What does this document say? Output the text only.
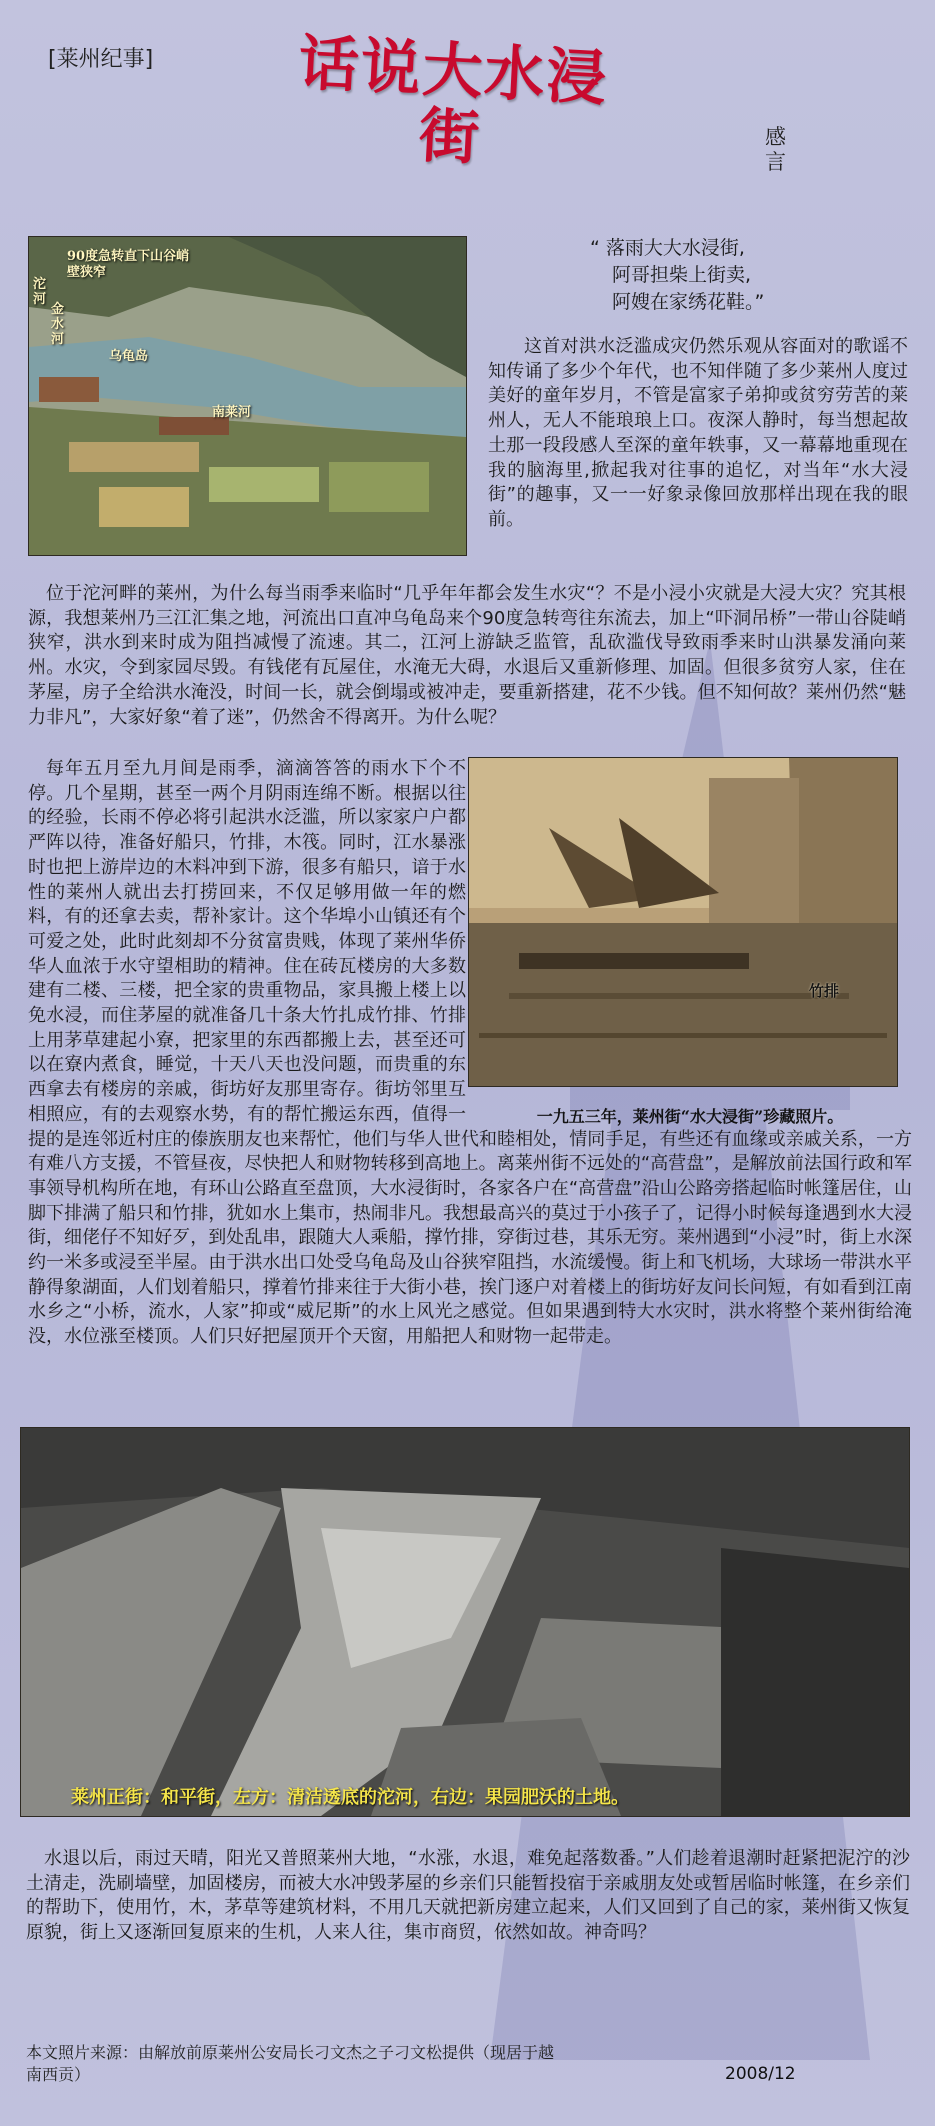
[莱州纪事] 话说大水浸街	感言
90度急转直下山谷峭壁狭窄
沱河
金水河
乌龟岛
南莱河
“ 落雨大大水浸街,
阿哥担柴上街卖,
阿嫂在家绣花鞋。”

这首对洪水泛滥成灾仍然乐观从容面对的歌谣不知传诵了多少个年代，也不知伴随了多少莱州人度过美好的童年岁月，不管是富家子弟抑或贫穷劳苦的莱州人，无人不能琅琅上口。夜深人静时，每当想起故土那一段段感人至深的童年轶事，又一幕幕地重现在我的脑海里,掀起我对往事的追忆，对当年“水大浸街”的趣事，又一一好象录像回放那样出现在我的眼前。

位于沱河畔的莱州，为什么每当雨季来临时“几乎年年都会发生水灾“？不是小浸小灾就是大浸大灾？究其根源，我想莱州乃三江汇集之地，河流出口直冲乌龟岛来个90度急转弯往东流去，加上“吓洞吊桥”一带山谷陡峭狭窄，洪水到来时成为阻挡减慢了流速。其二，江河上游缺乏监管，乱砍滥伐导致雨季来时山洪暴发涌向莱州。水灾，令到家园尽毁。有钱佬有瓦屋住，水淹无大碍，水退后又重新修理、加固。但很多贫穷人家，住在茅屋，房子全给洪水淹没，时间一长，就会倒塌或被冲走，要重新搭建，花不少钱。但不知何故？莱州仍然“魅力非凡”，大家好象“着了迷”，仍然舍不得离开。为什么呢？

竹排
一九五三年，莱州街“水大浸街”珍藏照片。

每年五月至九月间是雨季，滴滴答答的雨水下个不停。几个星期，甚至一两个月阴雨连绵不断。根据以往的经验，长雨不停必将引起洪水泛滥，所以家家户户都严阵以待，准备好船只，竹排，木筏。同时，江水暴涨时也把上游岸边的木料冲到下游，很多有船只，谙于水性的莱州人就出去打捞回来，不仅足够用做一年的燃料，有的还拿去卖，帮补家计。这个华埠小山镇还有个可爱之处，此时此刻却不分贫富贵贱，体现了莱州华侨华人血浓于水守望相助的精神。住在砖瓦楼房的大多数建有二楼、三楼，把全家的贵重物品，家具搬上楼上以免水浸，而住茅屋的就准备几十条大竹扎成竹排、竹排上用茅草建起小寮，把家里的东西都搬上去，甚至还可以在寮内煮食，睡觉，十天八天也没问题，而贵重的东西拿去有楼房的亲戚，街坊好友那里寄存。街坊邻里互相照应，有的去观察水势，有的帮忙搬运东西，值得一提的是连邻近村庄的傣族朋友也来帮忙，他们与华人世代和睦相处，情同手足，有些还有血缘或亲戚关系，一方有难八方支援，不管昼夜，尽快把人和财物转移到高地上。离莱州街不远处的“高营盘”，是解放前法国行政和军事领导机构所在地，有环山公路直至盘顶，大水浸街时，各家各户在“高营盘”沿山公路旁搭起临时帐篷居住，山脚下排满了船只和竹排，犹如水上集市，热闹非凡。我想最高兴的莫过于小孩子了，记得小时候每逢遇到水大浸街，细佬仔不知好歹，到处乱串，跟随大人乘船，撑竹排，穿街过巷，其乐无穷。莱州遇到“小浸”时，街上水深约一米多或浸至半屋。由于洪水出口处受乌龟岛及山谷狭窄阻挡，水流缓慢。街上和飞机场，大球场一带洪水平静得象湖面，人们划着船只，撑着竹排来往于大街小巷，挨门逐户对着楼上的街坊好友问长问短，有如看到江南水乡之“小桥，流水，人家”抑或“威尼斯”的水上风光之感觉。但如果遇到特大水灾时，洪水将整个莱州街给淹没，水位涨至楼顶。人们只好把屋顶开个天窗，用船把人和财物一起带走。

莱州正街：和平街，左方：清洁透底的沱河，右边：果园肥沃的土地。

水退以后，雨过天晴，阳光又普照莱州大地，“水涨，水退，难免起落数番。”人们趁着退潮时赶紧把泥泞的沙土清走，洗刷墙壁，加固楼房，而被大水冲毁茅屋的乡亲们只能暂投宿于亲戚朋友处或暂居临时帐篷，在乡亲们的帮助下，使用竹，木，茅草等建筑材料，不用几天就把新房建立起来，人们又回到了自己的家，莱州街又恢复原貌，街上又逐渐回复原来的生机，人来人往，集市商贸，依然如故。神奇吗？

本文照片来源：由解放前原莱州公安局长刁文杰之子刁文松提供（现居于越南西贡）	2008/12
